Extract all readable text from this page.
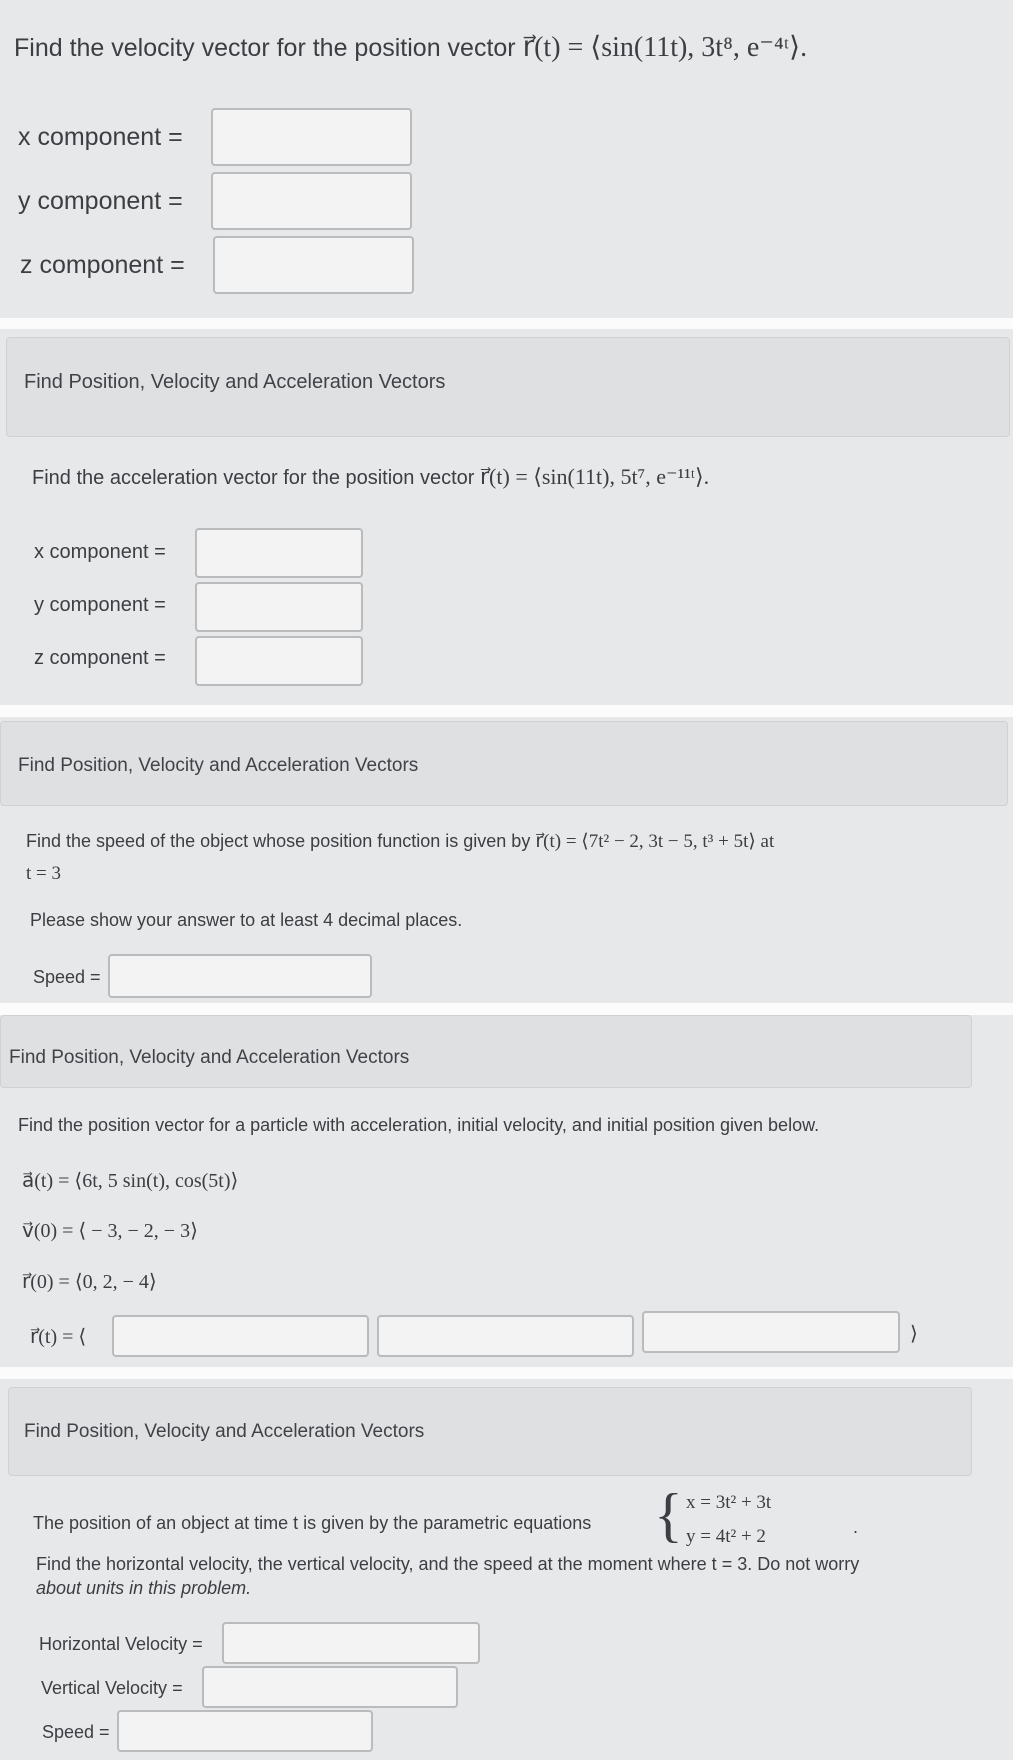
Find the velocity vector for the position vector r⃗(t) = ⟨sin(11t), 3t⁸, e⁻⁴ᵗ⟩.
x component =
y component =
z component =
Find Position, Velocity and Acceleration Vectors
Find the acceleration vector for the position vector r⃗(t) = ⟨sin(11t), 5t⁷, e⁻¹¹ᵗ⟩.
x component =
y component =
z component =
Find Position, Velocity and Acceleration Vectors
Find the speed of the object whose position function is given by r⃗(t) = ⟨7t² − 2, 3t − 5, t³ + 5t⟩ at
t = 3
Please show your answer to at least 4 decimal places.
Speed =
Find Position, Velocity and Acceleration Vectors
Find the position vector for a particle with acceleration, initial velocity, and initial position given below.
a⃗(t) = ⟨6t, 5 sin(t), cos(5t)⟩
v⃗(0) = ⟨ − 3, − 2, − 3⟩
r⃗(0) = ⟨0, 2, − 4⟩
r⃗(t) = ⟨	⟩
Find Position, Velocity and Acceleration Vectors
The position of an object at time t is given by the parametric equations { x = 3t² + 3t
y = 4t² + 2	.
Find the horizontal velocity, the vertical velocity, and the speed at the moment where t = 3. Do not worry
about units in this problem.
Horizontal Velocity =
Vertical Velocity =
Speed =
